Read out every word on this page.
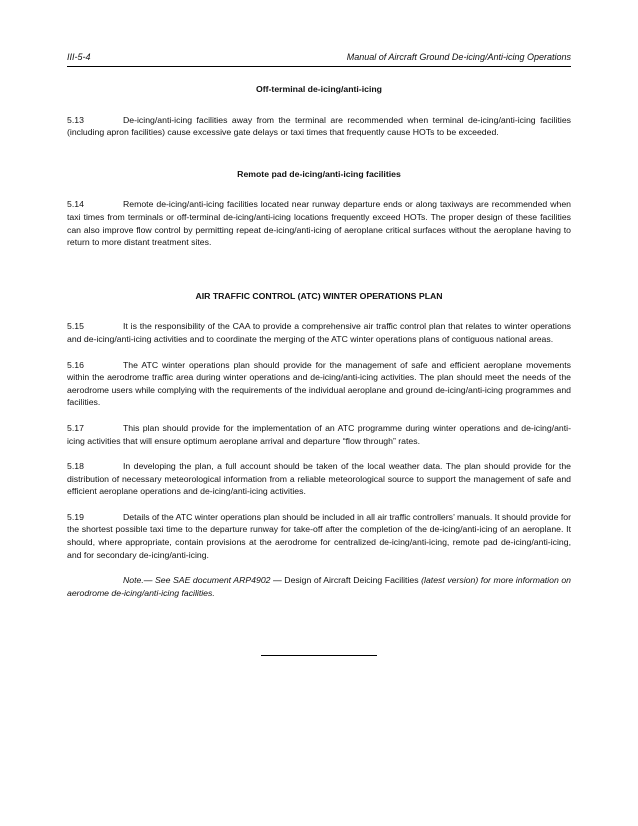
III-5-4	Manual of Aircraft Ground De-icing/Anti-icing Operations

Off-terminal de-icing/anti-icing

5.13	De-icing/anti-icing facilities away from the terminal are recommended when terminal de-icing/anti-icing facilities (including apron facilities) cause excessive gate delays or taxi times that frequently cause HOTs to be exceeded.

Remote pad de-icing/anti-icing facilities

5.14	Remote de-icing/anti-icing facilities located near runway departure ends or along taxiways are recommended when taxi times from terminals or off-terminal de-icing/anti-icing locations frequently exceed HOTs. The proper design of these facilities can also improve flow control by permitting repeat de-icing/anti-icing of aeroplane critical surfaces without the aeroplane having to return to more distant treatment sites.

AIR TRAFFIC CONTROL (ATC) WINTER OPERATIONS PLAN

5.15	It is the responsibility of the CAA to provide a comprehensive air traffic control plan that relates to winter operations and de-icing/anti-icing activities and to coordinate the merging of the ATC winter operations plans of contiguous national areas.

5.16	The ATC winter operations plan should provide for the management of safe and efficient aeroplane movements within the aerodrome traffic area during winter operations and de-icing/anti-icing activities. The plan should meet the needs of the aerodrome users while complying with the requirements of the individual aeroplane and ground de-icing/anti-icing programmes and facilities.

5.17	This plan should provide for the implementation of an ATC programme during winter operations and de-icing/anti-icing activities that will ensure optimum aeroplane arrival and departure “flow through” rates.

5.18	In developing the plan, a full account should be taken of the local weather data. The plan should provide for the distribution of necessary meteorological information from a reliable meteorological source to support the management of safe and efficient aeroplane operations and de-icing/anti-icing activities.

5.19	Details of the ATC winter operations plan should be included in all air traffic controllers’ manuals. It should provide for the shortest possible taxi time to the departure runway for take-off after the completion of the de-icing/anti-icing of an aeroplane. It should, where appropriate, contain provisions at the aerodrome for centralized de-icing/anti-icing, remote pad de-icing/anti-icing, and for secondary de-icing/anti-icing.

Note.— See SAE document ARP4902 — Design of Aircraft Deicing Facilities (latest version) for more information on aerodrome de-icing/anti-icing facilities.
